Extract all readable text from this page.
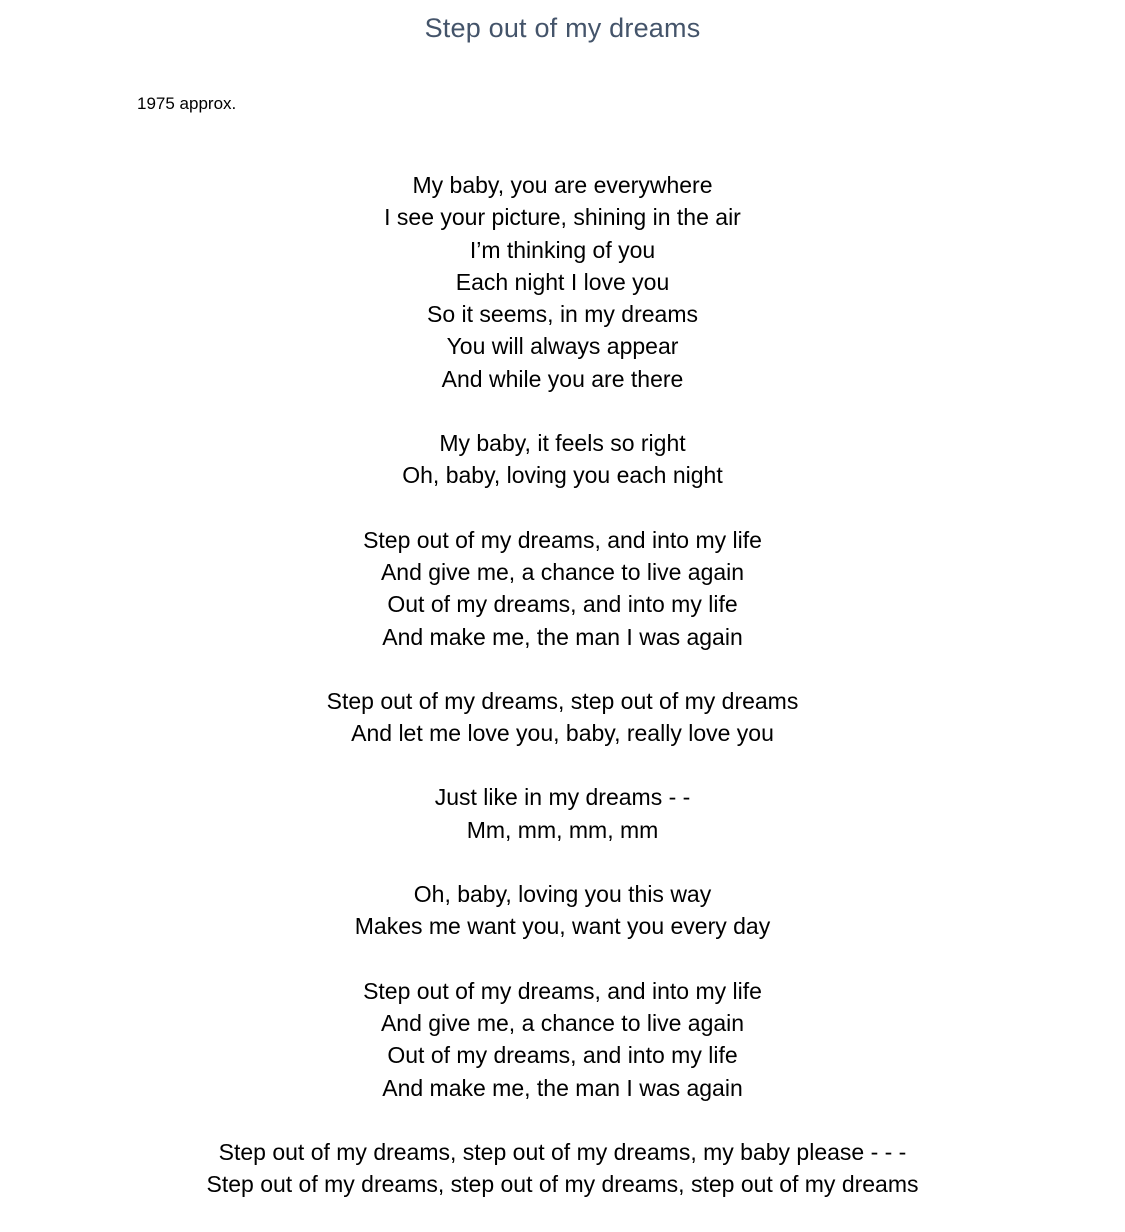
Step out of my dreams
1975 approx.
My baby, you are everywhere
I see your picture, shining in the air
I’m thinking of you
Each night I love you
So it seems, in my dreams
You will always appear
And while you are there
My baby, it feels so right
Oh, baby, loving you each night
Step out of my dreams, and into my life
And give me, a chance to live again
Out of my dreams, and into my life
And make me, the man I was again
Step out of my dreams, step out of my dreams
And let me love you, baby, really love you
Just like in my dreams - -
Mm, mm, mm, mm
Oh, baby, loving you this way
Makes me want you, want you every day
Step out of my dreams, and into my life
And give me, a chance to live again
Out of my dreams, and into my life
And make me, the man I was again
Step out of my dreams, step out of my dreams, my baby please - - -
Step out of my dreams, step out of my dreams, step out of my dreams
